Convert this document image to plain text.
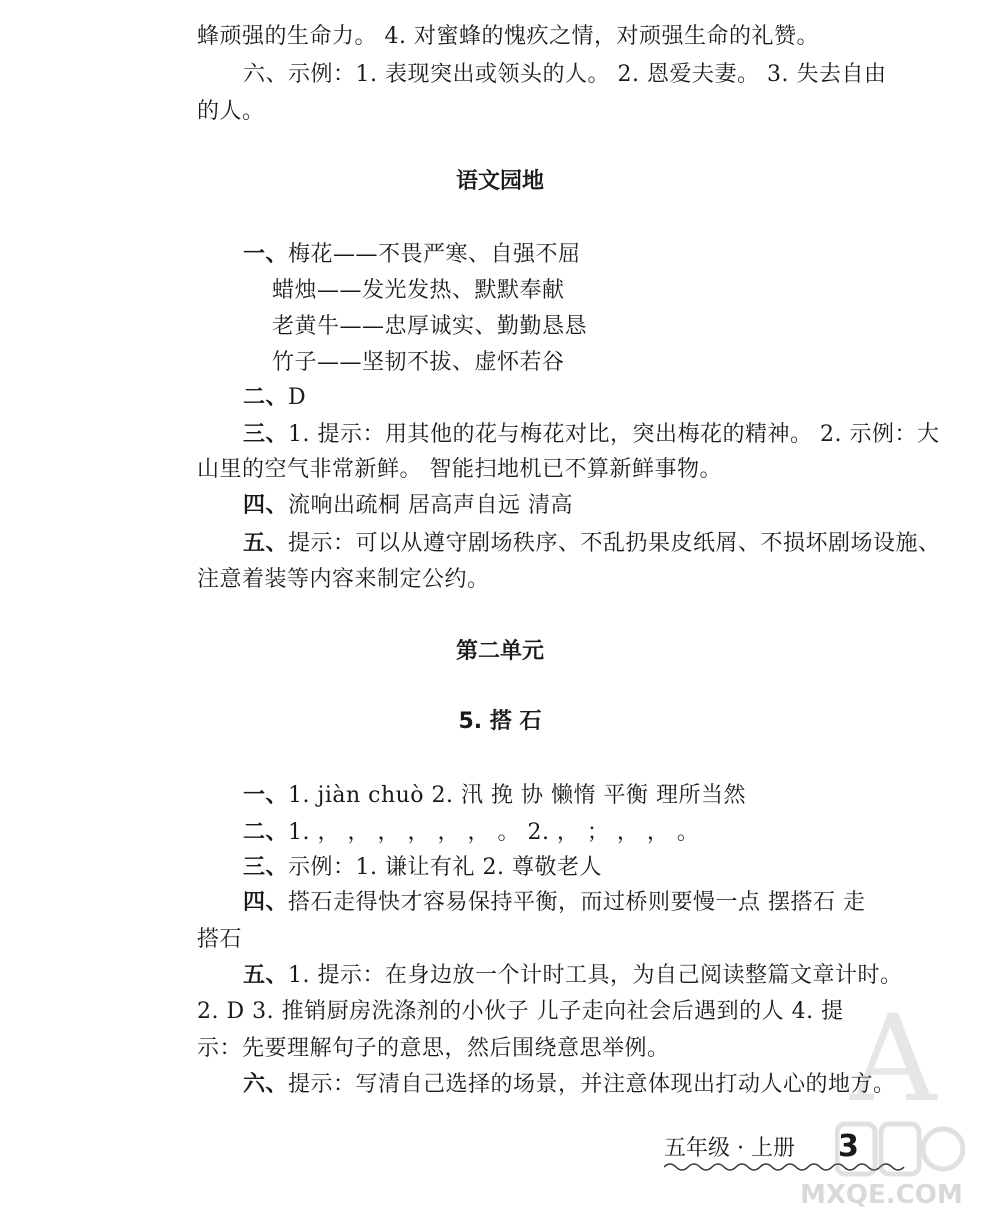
A
蜂顽强的生命力。 4. 对蜜蜂的愧疚之情，对顽强生命的礼赞。
六、示例：1. 表现突出或领头的人。 2. 恩爱夫妻。 3. 失去自由
的人。
语文园地
一、梅花——不畏严寒、自强不屈
蜡烛——发光发热、默默奉献
老黄牛——忠厚诚实、勤勤恳恳
竹子——坚韧不拔、虚怀若谷
二、D
三、1. 提示：用其他的花与梅花对比，突出梅花的精神。 2. 示例：大
山里的空气非常新鲜。 智能扫地机已不算新鲜事物。
四、流响出疏桐 居高声自远 清高
五、提示：可以从遵守剧场秩序、不乱扔果皮纸屑、不损坏剧场设施、
注意着装等内容来制定公约。
第二单元
5. 搭 石
一、1. jiàn chuò 2. 汛 挽 协 懒惰 平衡 理所当然
二、1. ， ， ， ， ， ， 。 2. ， ； ， ， 。
三、示例：1. 谦让有礼 2. 尊敬老人
四、搭石走得快才容易保持平衡，而过桥则要慢一点 摆搭石 走
搭石
五、1. 提示：在身边放一个计时工具，为自己阅读整篇文章计时。
2. D 3. 推销厨房洗涤剂的小伙子 儿子走向社会后遇到的人 4. 提
示：先要理解句子的意思，然后围绕意思举例。
六、提示：写清自己选择的场景，并注意体现出打动人心的地方。
五年级 · 上册 3
MXQE.COM
